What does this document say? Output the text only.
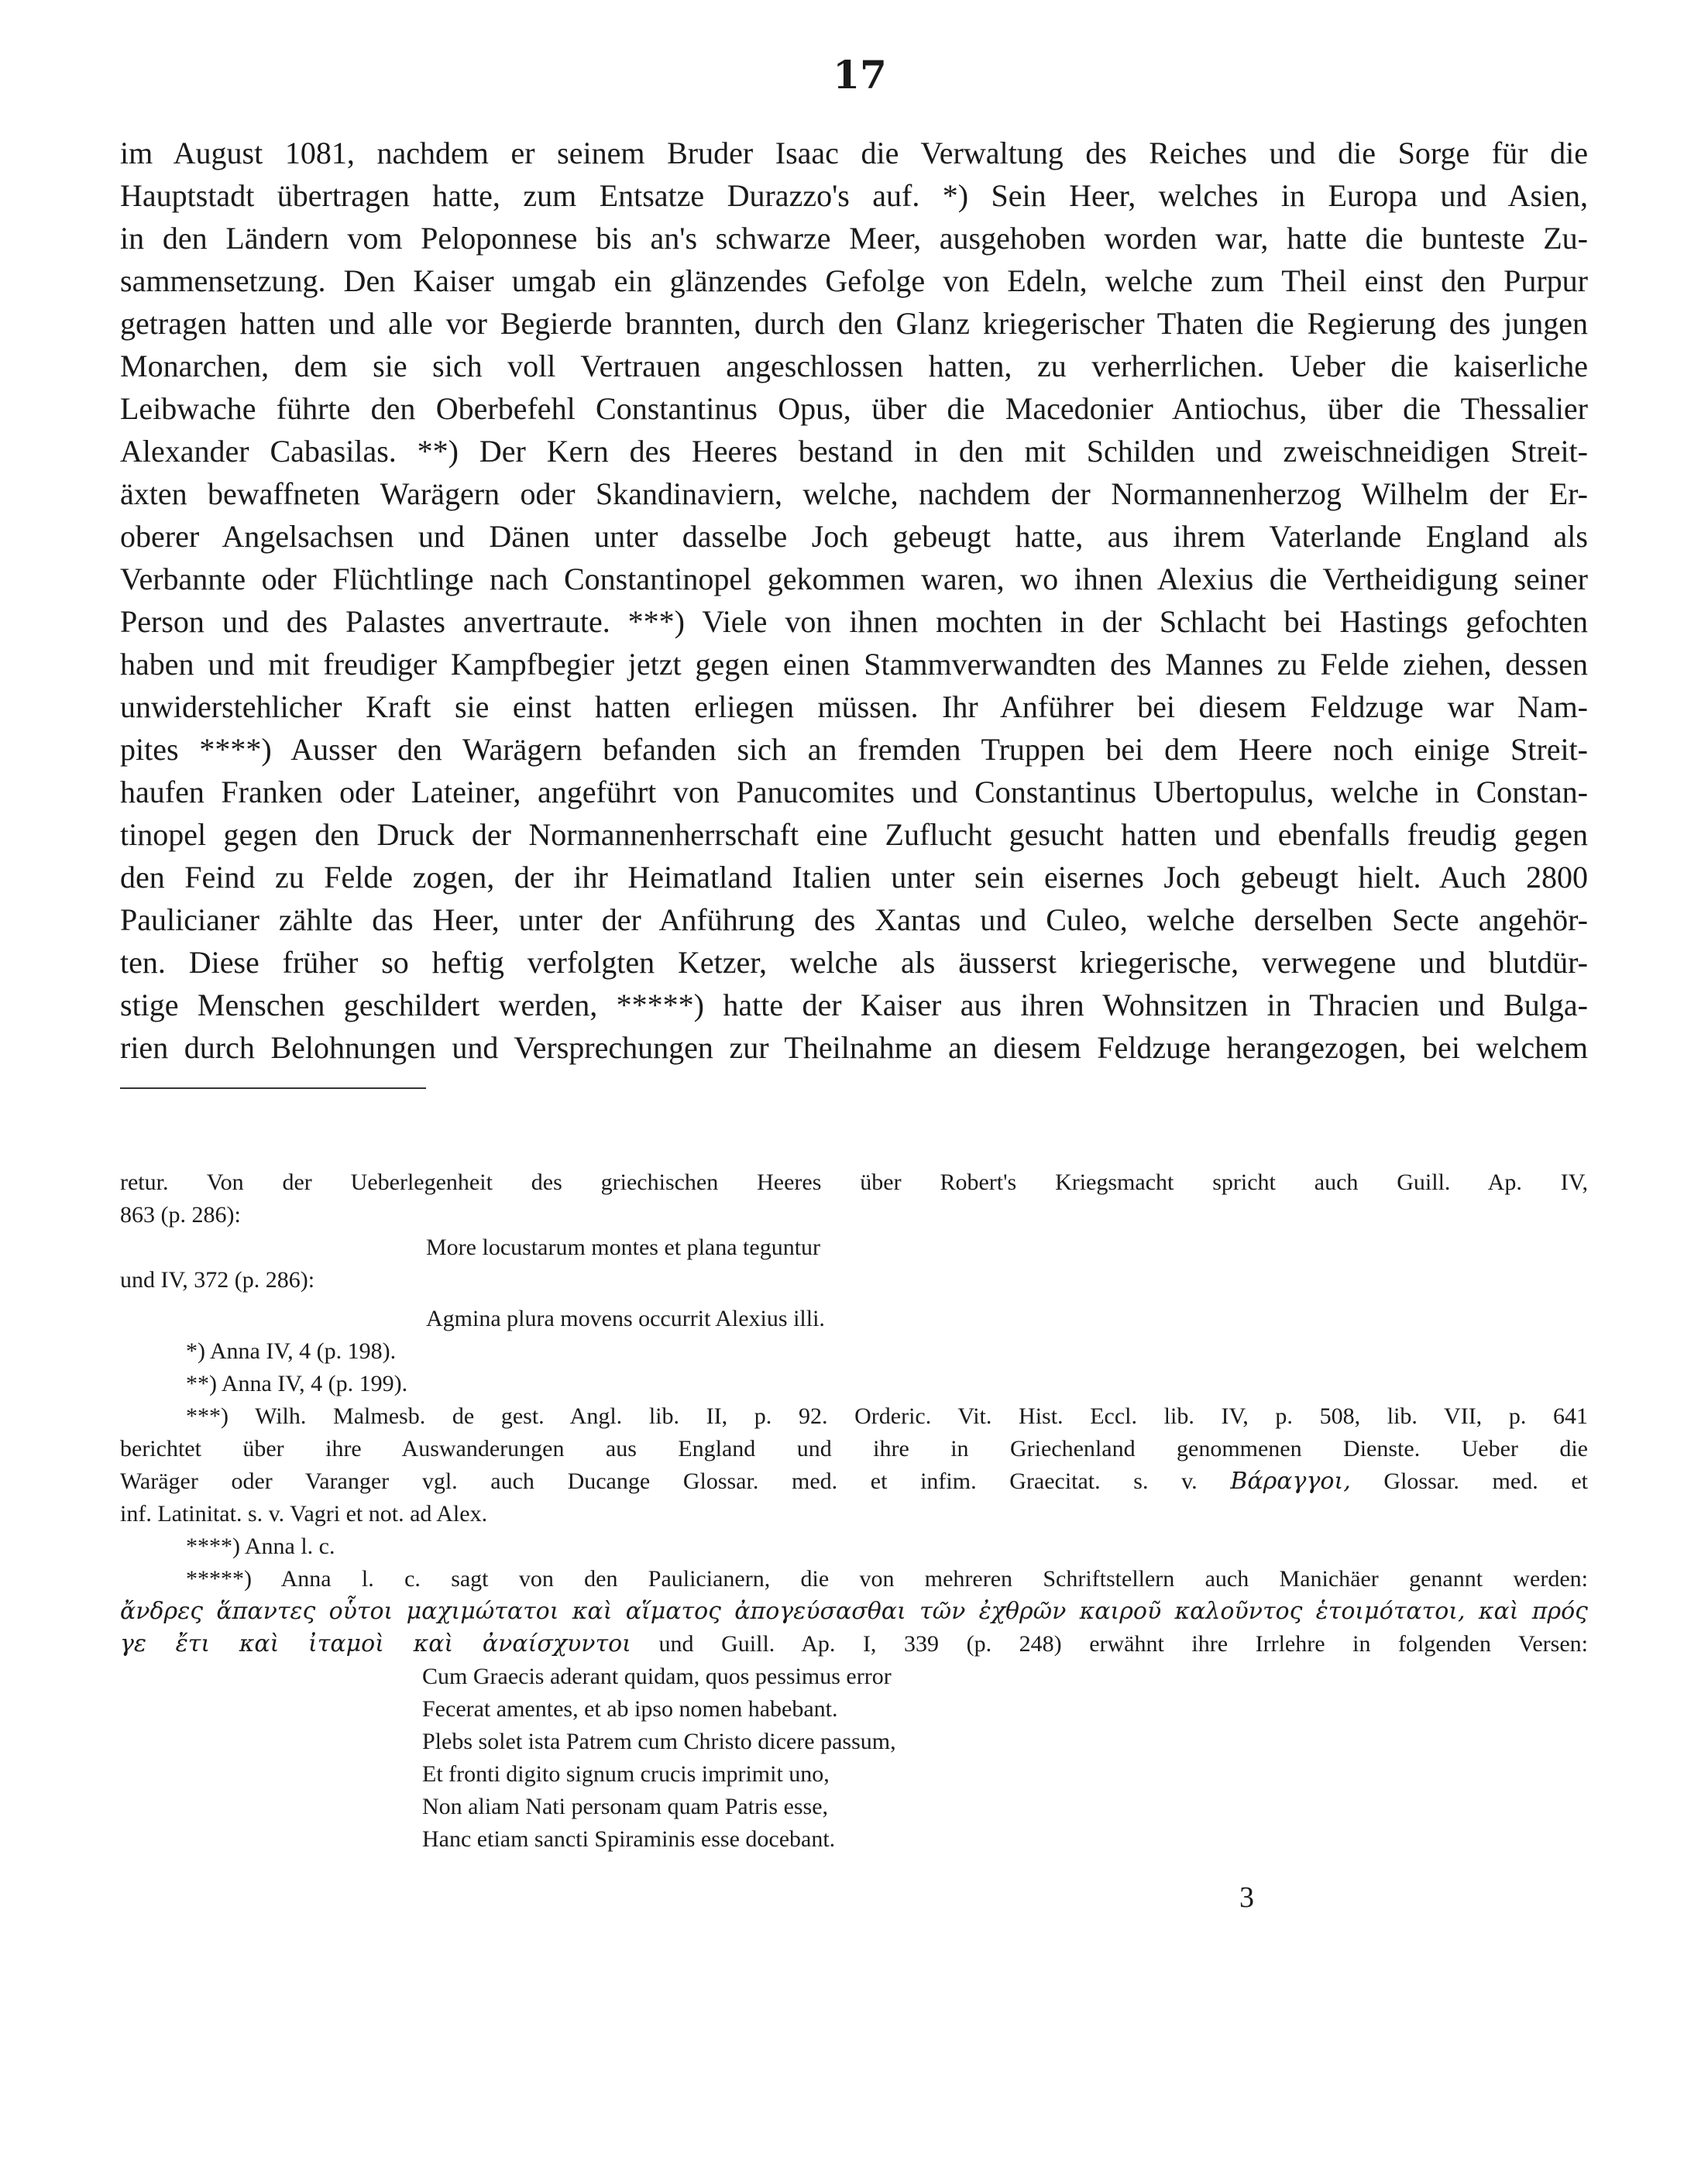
17
im August 1081, nachdem er seinem Bruder Isaac die Verwaltung des Reiches und die Sorge für die
Hauptstadt übertragen hatte, zum Entsatze Durazzo's auf. *) Sein Heer, welches in Europa und Asien,
in den Ländern vom Peloponnese bis an's schwarze Meer, ausgehoben worden war, hatte die bunteste Zu-
sammensetzung. Den Kaiser umgab ein glänzendes Gefolge von Edeln, welche zum Theil einst den Purpur
getragen hatten und alle vor Begierde brannten, durch den Glanz kriegerischer Thaten die Regierung des jungen
Monarchen, dem sie sich voll Vertrauen angeschlossen hatten, zu verherrlichen. Ueber die kaiserliche
Leibwache führte den Oberbefehl Constantinus Opus, über die Macedonier Antiochus, über die Thessalier
Alexander Cabasilas. **) Der Kern des Heeres bestand in den mit Schilden und zweischneidigen Streit-
äxten bewaffneten Warägern oder Skandinaviern, welche, nachdem der Normannenherzog Wilhelm der Er-
oberer Angelsachsen und Dänen unter dasselbe Joch gebeugt hatte, aus ihrem Vaterlande England als
Verbannte oder Flüchtlinge nach Constantinopel gekommen waren, wo ihnen Alexius die Vertheidigung seiner
Person und des Palastes anvertraute. ***) Viele von ihnen mochten in der Schlacht bei Hastings gefochten
haben und mit freudiger Kampfbegier jetzt gegen einen Stammverwandten des Mannes zu Felde ziehen, dessen
unwiderstehlicher Kraft sie einst hatten erliegen müssen. Ihr Anführer bei diesem Feldzuge war Nam-
pites ****) Ausser den Warägern befanden sich an fremden Truppen bei dem Heere noch einige Streit-
haufen Franken oder Lateiner, angeführt von Panucomites und Constantinus Ubertopulus, welche in Constan-
tinopel gegen den Druck der Normannenherrschaft eine Zuflucht gesucht hatten und ebenfalls freudig gegen
den Feind zu Felde zogen, der ihr Heimatland Italien unter sein eisernes Joch gebeugt hielt. Auch 2800
Paulicianer zählte das Heer, unter der Anführung des Xantas und Culeo, welche derselben Secte angehör-
ten. Diese früher so heftig verfolgten Ketzer, welche als äusserst kriegerische, verwegene und blutdür-
stige Menschen geschildert werden, *****) hatte der Kaiser aus ihren Wohnsitzen in Thracien und Bulga-
rien durch Belohnungen und Versprechungen zur Theilnahme an diesem Feldzuge herangezogen, bei welchem
retur. Von der Ueberlegenheit des griechischen Heeres über Robert's Kriegsmacht spricht auch Guill. Ap. IV,
863 (p. 286):
More locustarum montes et plana teguntur
und IV, 372 (p. 286):
Agmina plura movens occurrit Alexius illi.
*) Anna IV, 4 (p. 198).
**) Anna IV, 4 (p. 199).
***) Wilh. Malmesb. de gest. Angl. lib. II, p. 92. Orderic. Vit. Hist. Eccl. lib. IV, p. 508, lib. VII, p. 641
berichtet über ihre Auswanderungen aus England und ihre in Griechenland genommenen Dienste. Ueber die
Waräger oder Varanger vgl. auch Ducange Glossar. med. et infim. Graecitat. s. v. Βάραγγοι, Glossar. med. et
inf. Latinitat. s. v. Vagri et not. ad Alex.
****) Anna l. c.
*****) Anna l. c. sagt von den Paulicianern, die von mehreren Schriftstellern auch Manichäer genannt werden:
ἄνδρες ἅπαντες οὗτοι μαχιμώτατοι καὶ αἵματος ἀπογεύσασθαι τῶν ἐχθρῶν καιροῦ καλοῦντος ἑτοιμότατοι, καὶ πρός
γε ἔτι καὶ ἰταμοὶ καὶ ἀναίσχυντοι und Guill. Ap. I, 339 (p. 248) erwähnt ihre Irrlehre in folgenden Versen:
Cum Graecis aderant quidam, quos pessimus error
Fecerat amentes, et ab ipso nomen habebant.
Plebs solet ista Patrem cum Christo dicere passum,
Et fronti digito signum crucis imprimit uno,
Non aliam Nati personam quam Patris esse,
Hanc etiam sancti Spiraminis esse docebant.
3
